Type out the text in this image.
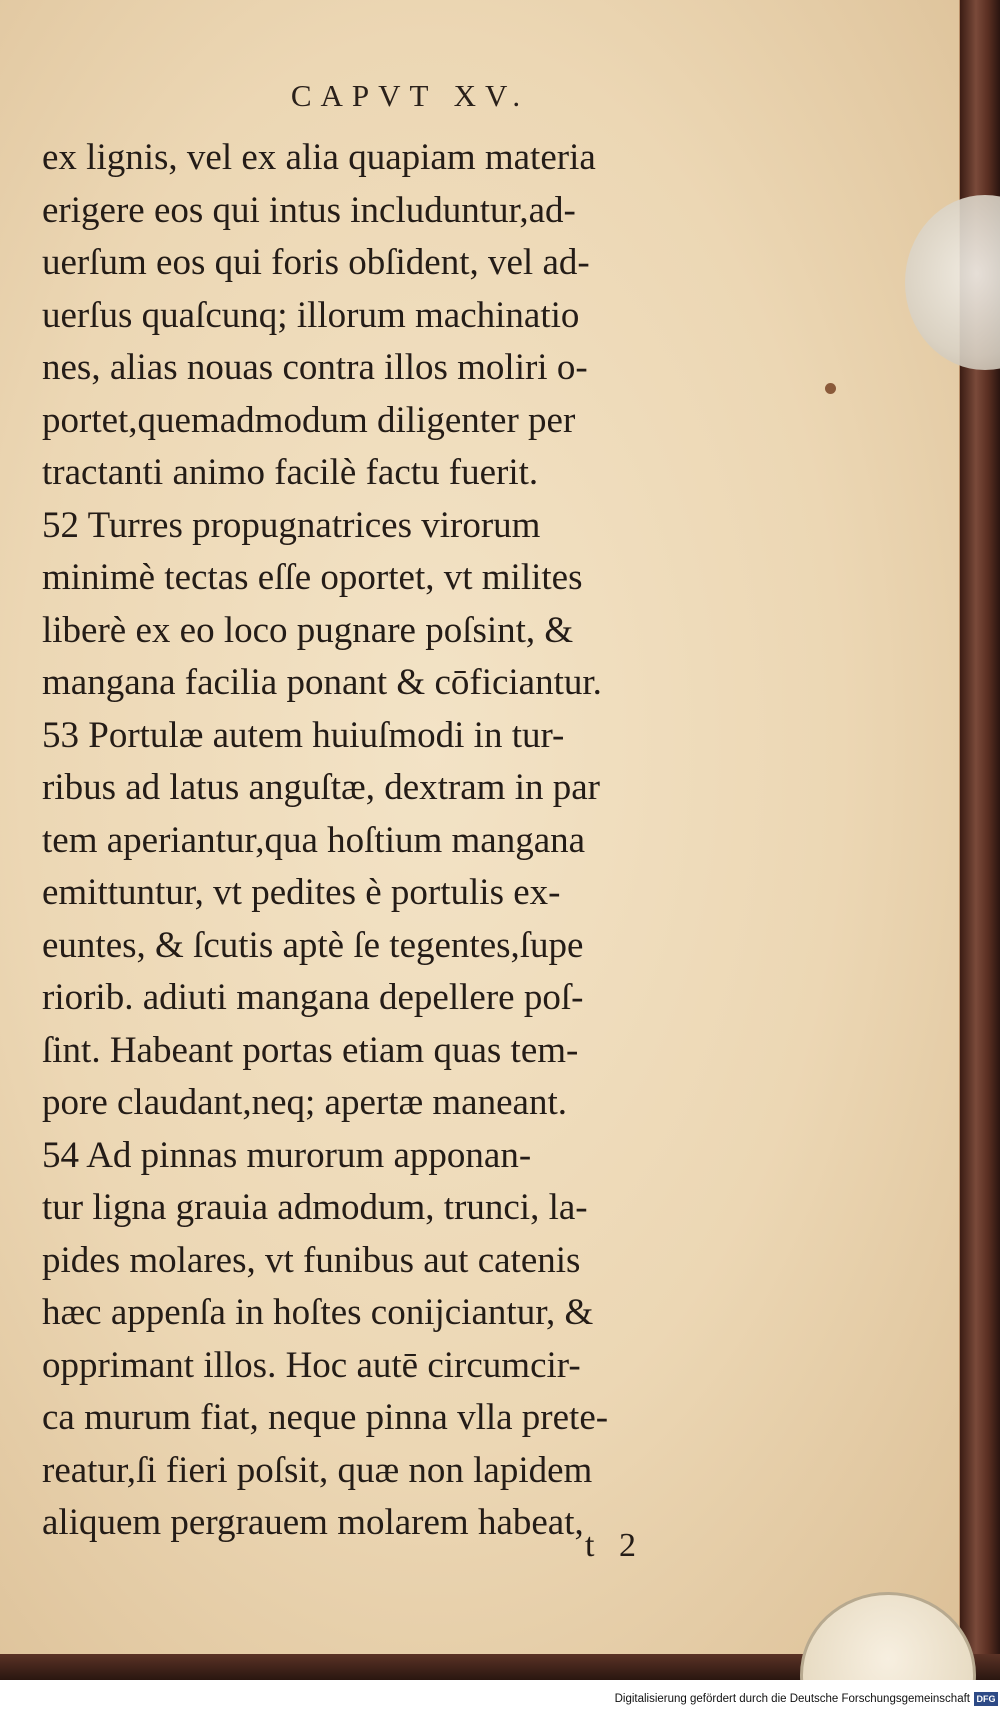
CAPVT XV.
ex lignis, vel ex alia quapiam materia
erigere eos qui intus includuntur,ad-
uerſum eos qui foris obſident, vel ad-
uerſus quaſcunq; illorum machinatio
nes, alias nouas contra illos moliri o-
portet,quemadmodum diligenter per
tractanti animo facilè factu fuerit.
52 Turres propugnatrices virorum
minimè tectas eſſe oportet, vt milites
liberè ex eo loco pugnare poſsint, &
mangana facilia ponant & cōficiantur.
53 Portulæ autem huiuſmodi in tur-
ribus ad latus anguſtæ, dextram in par
tem aperiantur,qua hoſtium mangana
emittuntur, vt pedites è portulis ex-
euntes, & ſcutis aptè ſe tegentes,ſupe
riorib. adiuti mangana depellere poſ-
ſint. Habeant portas etiam quas tem-
pore claudant,neq; apertæ maneant.
54 Ad pinnas murorum apponan-
tur ligna grauia admodum, trunci, la-
pides molares, vt funibus aut catenis
hæc appenſa in hoſtes conijciantur, &
opprimant illos. Hoc autē circumcir-
ca murum fiat, neque pinna vlla prete-
reatur,ſi fieri poſsit, quæ non lapidem
aliquem pergrauem molarem habeat,
t 2
Digitalisierung gefördert durch die Deutsche Forschungsgemeinschaft DFG
